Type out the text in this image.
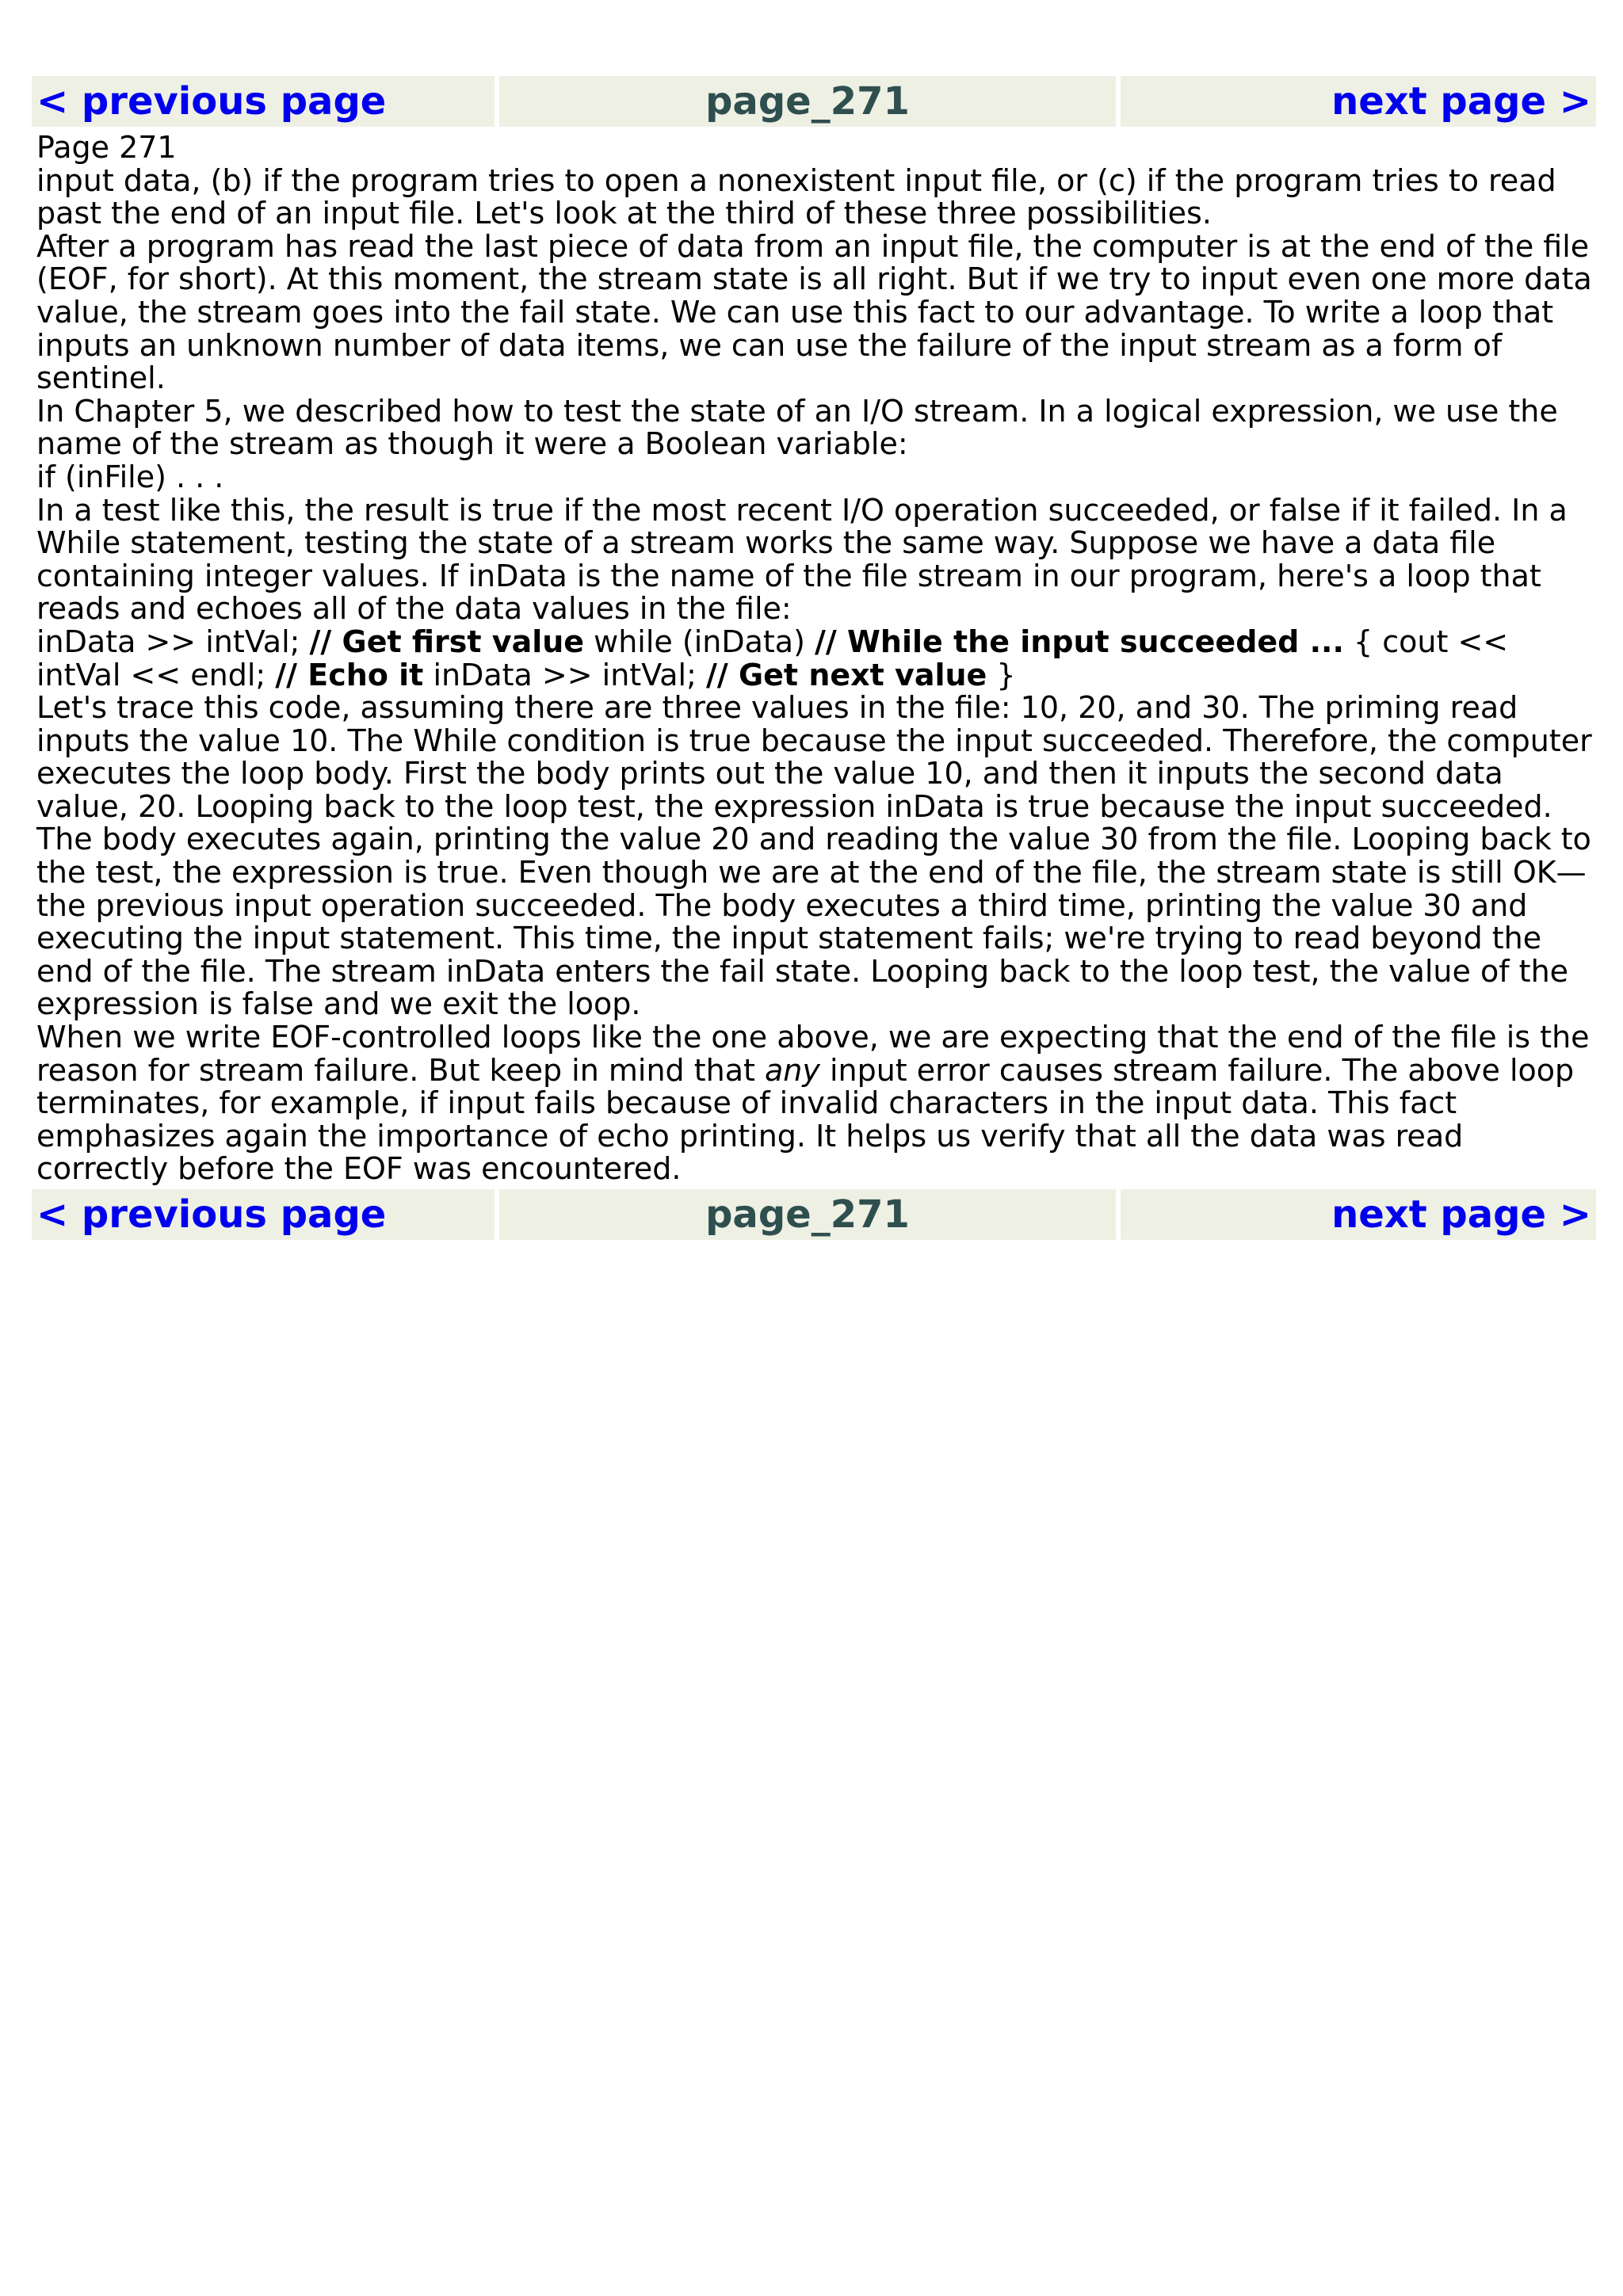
< previous page	page_271	next page >

Page 271

input data, (b) if the program tries to open a nonexistent input file, or (c) if the program tries to read past the end of an input file. Let's look at the third of these three possibilities.

After a program has read the last piece of data from an input file, the computer is at the end of the file (EOF, for short). At this moment, the stream state is all right. But if we try to input even one more data value, the stream goes into the fail state. We can use this fact to our advantage. To write a loop that inputs an unknown number of data items, we can use the failure of the input stream as a form of sentinel.

In Chapter 5, we described how to test the state of an I/O stream. In a logical expression, we use the name of the stream as though it were a Boolean variable:

if (inFile) . . .

In a test like this, the result is true if the most recent I/O operation succeeded, or false if it failed. In a While statement, testing the state of a stream works the same way. Suppose we have a data file containing integer values. If inData is the name of the file stream in our program, here's a loop that reads and echoes all of the data values in the file:

inData >> intVal; // Get first value while (inData) // While the input succeeded ... { cout << intVal << endl; // Echo it inData >> intVal; // Get next value }

Let's trace this code, assuming there are three values in the file: 10, 20, and 30. The priming read inputs the value 10. The While condition is true because the input succeeded. Therefore, the computer executes the loop body. First the body prints out the value 10, and then it inputs the second data value, 20. Looping back to the loop test, the expression inData is true because the input succeeded. The body executes again, printing the value 20 and reading the value 30 from the file. Looping back to the test, the expression is true. Even though we are at the end of the file, the stream state is still OK—the previous input operation succeeded. The body executes a third time, printing the value 30 and executing the input statement. This time, the input statement fails; we're trying to read beyond the end of the file. The stream inData enters the fail state. Looping back to the loop test, the value of the expression is false and we exit the loop.

When we write EOF-controlled loops like the one above, we are expecting that the end of the file is the reason for stream failure. But keep in mind that any input error causes stream failure. The above loop terminates, for example, if input fails because of invalid characters in the input data. This fact emphasizes again the importance of echo printing. It helps us verify that all the data was read correctly before the EOF was encountered.

< previous page	page_271	next page >
